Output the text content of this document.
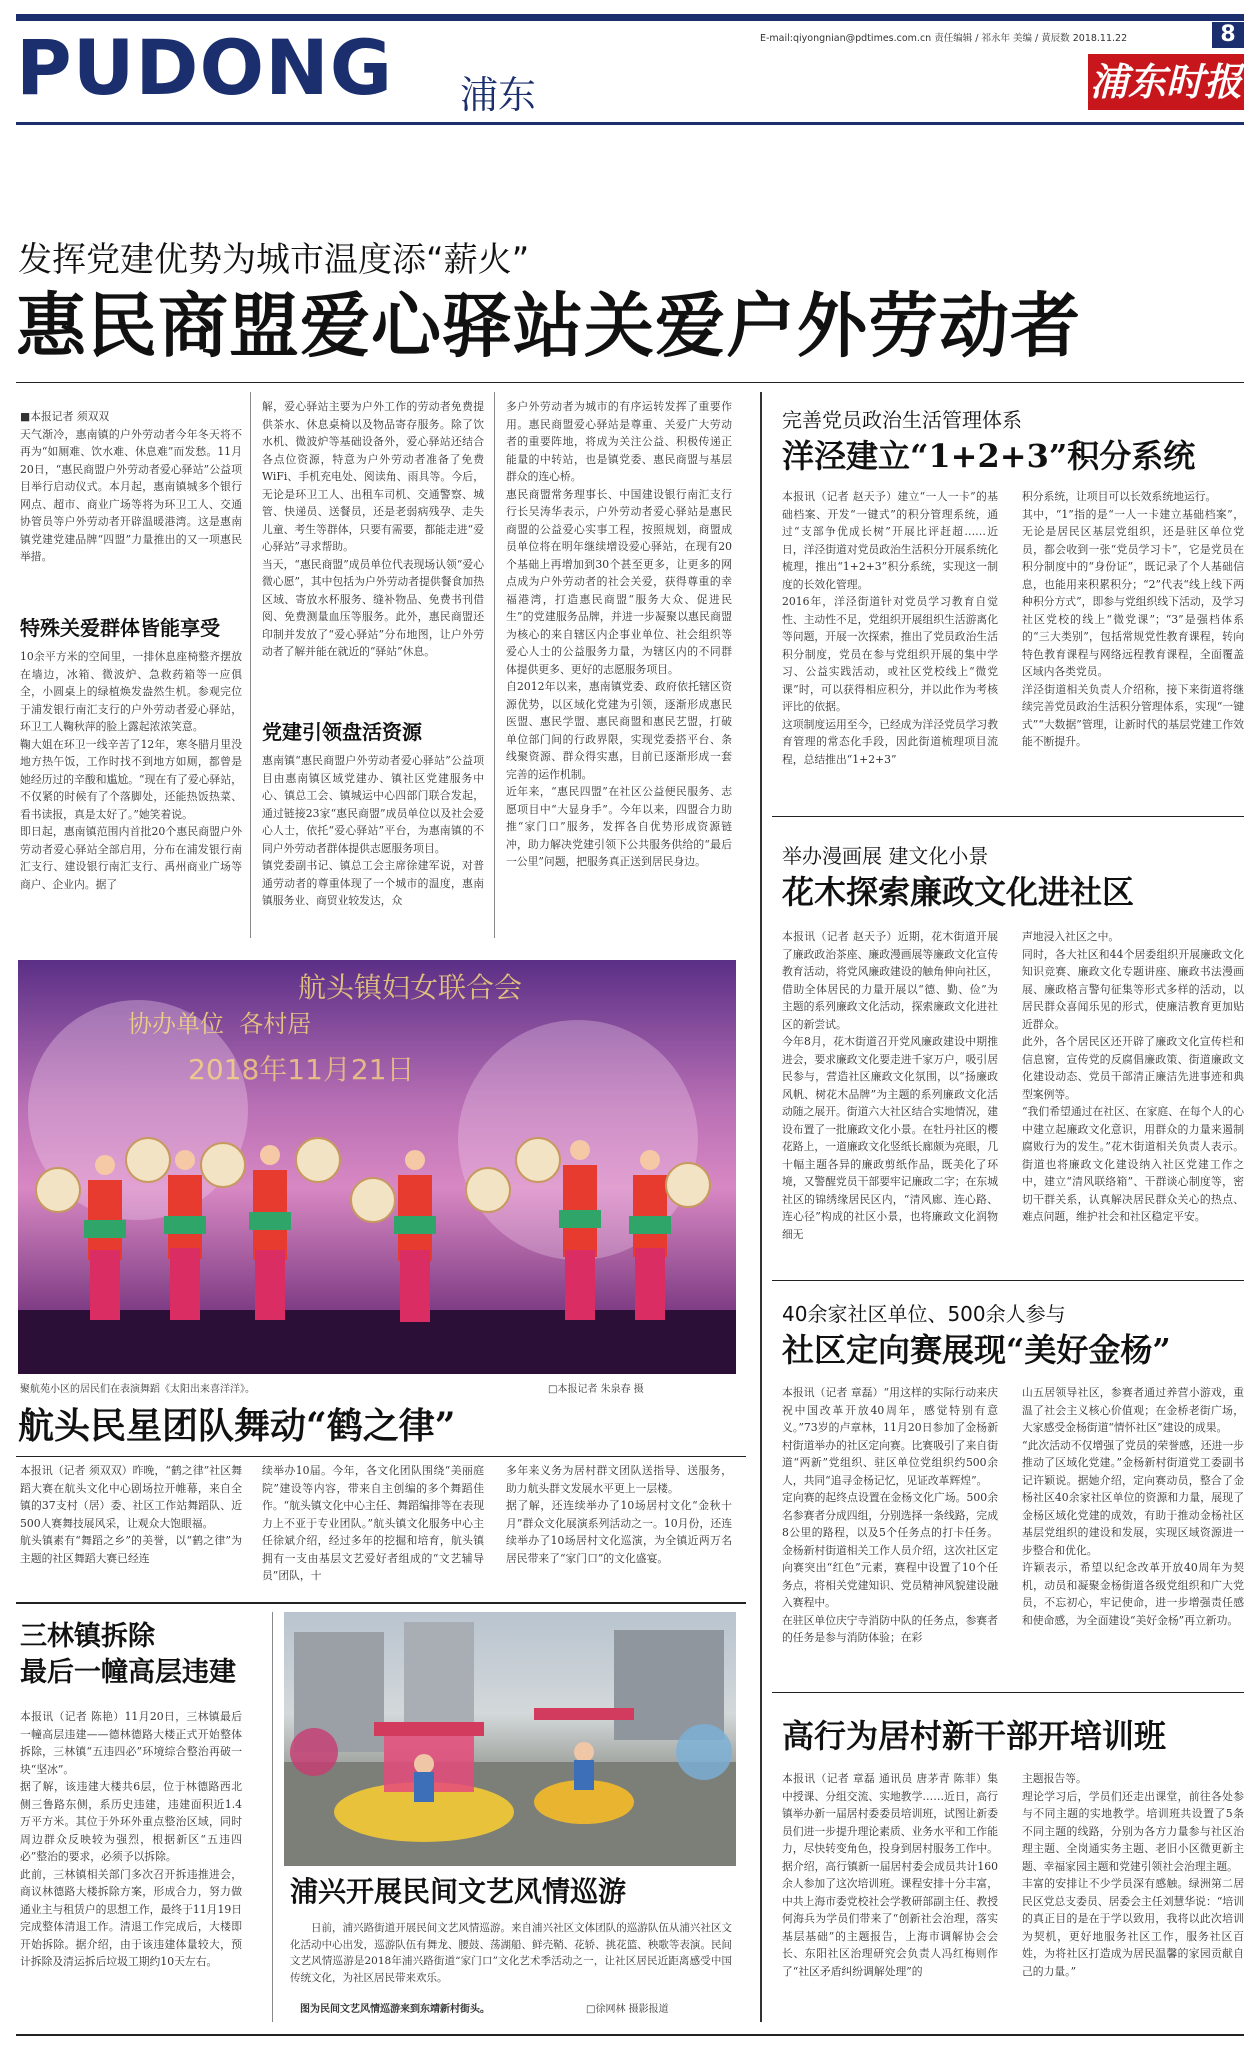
PUDONG 浦东
E-mail:qiyongnian@pdtimes.com.cn 责任编辑 / 祁永年 美编 / 黄辰数 2018.11.22	8
浦东时报
发挥党建优势为城市温度添“薪火”
惠民商盟爱心驿站关爱户外劳动者
■本报记者 须双双
天气渐冷，惠南镇的户外劳动者今年冬天将不再为“如厕难、饮水难、休息难”而发愁。11月20日，“惠民商盟户外劳动者爱心驿站”公益项目举行启动仪式。本月起，惠南镇城多个银行网点、超市、商业广场等将为环卫工人、交通协管员等户外劳动者开辟温暖港湾。这是惠南镇党建党建品牌“四盟”力量推出的又一项惠民举措。
特殊关爱群体皆能享受
10余平方米的空间里，一排休息座椅整齐摆放在墙边，冰箱、微波炉、急救药箱等一应俱全，小圆桌上的绿植焕发盎然生机。参观完位于浦发银行南汇支行的户外劳动者爱心驿站，环卫工人鞠秋萍的脸上露起浓浓笑意。
鞠大姐在环卫一线辛苦了12年，寒冬腊月里没地方热午饭，工作时找不到地方如厕，都曾是她经历过的辛酸和尴尬。“现在有了爱心驿站，不仅紧的时候有了个落脚处，还能热饭热菜、看书读报，真是太好了。”她笑着说。
即日起，惠南镇范围内首批20个惠民商盟户外劳动者爱心驿站全部启用，分布在浦发银行南汇支行、建设银行南汇支行、禹州商业广场等商户、企业内。据了
解，爱心驿站主要为户外工作的劳动者免费提供茶水、休息桌椅以及物品寄存服务。除了饮水机、微波炉等基础设备外，爱心驿站还结合各点位资源，特意为户外劳动者准备了免费WiFi、手机充电处、阅读角、雨具等。今后，无论是环卫工人、出租车司机、交通警察、城管、快递员、送餐员，还是老弱病残孕、走失儿童、考生等群体，只要有需要，都能走进“爱心驿站”寻求帮助。
当天，“惠民商盟”成员单位代表现场认领“爱心微心愿”，其中包括为户外劳动者提供餐食加热区域、寄放水杯服务、缝补物品、免费书刊借阅、免费测量血压等服务。此外，惠民商盟还印制并发放了“爱心驿站”分布地图，让户外劳动者了解并能在就近的“驿站”休息。
党建引领盘活资源
惠南镇“惠民商盟户外劳动者爱心驿站”公益项目由惠南镇区域党建办、镇社区党建服务中心、镇总工会、镇城运中心四部门联合发起，通过链接23家“惠民商盟”成员单位以及社会爱心人士，依托“爱心驿站”平台，为惠南镇的不同户外劳动者群体提供志愿服务项目。
镇党委副书记、镇总工会主席徐建军说，对普通劳动者的尊重体现了一个城市的温度，惠南镇服务业、商贸业较发达，众
多户外劳动者为城市的有序运转发挥了重要作用。惠民商盟爱心驿站是尊重、关爱广大劳动者的重要阵地，将成为关注公益、积极传递正能量的中转站，也是镇党委、惠民商盟与基层群众的连心桥。
惠民商盟常务理事长、中国建设银行南汇支行行长吴涛华表示，户外劳动者爱心驿站是惠民商盟的公益爱心实事工程，按照规划，商盟成员单位将在明年继续增设爱心驿站，在现有20个基础上再增加到30个甚至更多，让更多的网点成为户外劳动者的社会关爱，获得尊重的幸福港湾，打造惠民商盟“服务大众、促进民生”的党建服务品牌，并进一步凝聚以惠民商盟为核心的来自辖区内企事业单位、社会组织等爱心人士的公益服务力量，为辖区内的不同群体提供更多、更好的志愿服务项目。
自2012年以来，惠南镇党委、政府依托辖区资源优势，以区域化党建为引领，逐渐形成惠民医盟、惠民学盟、惠民商盟和惠民艺盟，打破单位部门间的行政界限，实现党委搭平台、条线聚资源、群众得实惠，目前已逐渐形成一套完善的运作机制。
近年来，“惠民四盟”在社区公益便民服务、志愿项目中“大显身手”。今年以来，四盟合力助推“家门口”服务，发挥各自优势形成资源链冲，助力解决党建引领下公共服务供给的“最后一公里”问题，把服务真正送到居民身边。
航头镇妇女联合会
协办单位  各村居
2018年11月21日
聚航苑小区的居民们在表演舞蹈《太阳出来喜洋洋》。	□本报记者 朱泉春 摄
航头民星团队舞动“鹤之律”
本报讯（记者 须双双）昨晚，“鹤之律”社区舞蹈大赛在航头文化中心剧场拉开帷幕，来自全镇的37支村（居）委、社区工作站舞蹈队、近500人赛舞技展风采，让观众大饱眼福。
航头镇素有“舞蹈之乡”的美誉，以“鹤之律”为主题的社区舞蹈大赛已经连
续举办10届。今年，各文化团队围绕“美丽庭院”建设等内容，带来自主创编的多个舞蹈佳作。“航头镇文化中心主任、舞蹈编排等在表现力上不亚于专业团队。”航头镇文化服务中心主任徐斌介绍，经过多年的挖掘和培育，航头镇拥有一支由基层文艺爱好者组成的“文艺辅导员”团队，十
多年来义务为居村群文团队送指导、送服务，助力航头群文发展水平更上一层楼。
据了解，还连续举办了10场居村文化“金秋十月”群众文化展演系列活动之一。10月份，还连续举办了10场居村文化巡演，为全镇近两万名居民带来了“家门口”的文化盛宴。
三林镇拆除
最后一幢高层违建
本报讯（记者 陈艳）11月20日，三林镇最后一幢高层违建——德林德路大楼正式开始整体拆除，三林镇“五违四必”环境综合整治再破一块“坚冰”。
据了解，该违建大楼共6层，位于林德路西北侧三鲁路东侧，系历史违建，违建面积近1.4万平方米。其位于外环外重点整治区域，同时周边群众反映较为强烈，根据新区“五违四必”整治的要求，必须予以拆除。
此前，三林镇相关部门多次召开拆违推进会，商议林德路大楼拆除方案，形成合力，努力做通业主与租赁户的思想工作，最终于11月19日完成整体清退工作。清退工作完成后，大楼即开始拆除。据介绍，由于该违建体量较大，预计拆除及清运拆后垃圾工期约10天左右。
浦兴开展民间文艺风情巡游
日前，浦兴路街道开展民间文艺风情巡游。来自浦兴社区文体团队的巡游队伍从浦兴社区文化活动中心出发，巡游队伍有舞龙、腰鼓、荡湖船、鲜壳鞘、花轿、挑花篮、秧歌等表演。民间文艺风情巡游是2018年浦兴路街道“家门口”文化艺术季活动之一，让社区居民近距离感受中国传统文化，为社区居民带来欢乐。
图为民间文艺风情巡游来到东靖新村街头。	□徐网林 摄影报道
完善党员政治生活管理体系
洋泾建立“1+2+3”积分系统
本报讯（记者 赵天予）建立“一人一卡”的基础档案、开发“一键式”的积分管理系统，通过“支部争优成长树”开展比评赶超……近日，洋泾街道对党员政治生活积分开展系统化梳理，推出“1+2+3”积分系统，实现这一制度的长效化管理。
2016年，洋泾街道针对党员学习教育自觉性、主动性不足，党组织开展组织生活游离化等问题，开展一次探索，推出了党员政治生活积分制度，党员在参与党组织开展的集中学习、公益实践活动，或社区党校线上“微党课”时，可以获得相应积分，并以此作为考核评比的依据。
这项制度运用至今，已经成为洋泾党员学习教育管理的常态化手段，因此街道梳理项目流程，总结推出“1+2+3”
积分系统，让项目可以长效系统地运行。
其中，“1”指的是“一人一卡建立基础档案”，无论是居民区基层党组织，还是驻区单位党员，都会收到一张“党员学习卡”，它是党员在积分制度中的“身份证”，既记录了个人基础信息，也能用来积累积分；“2”代表“线上线下两种积分方式”，即参与党组织线下活动，及学习社区党校的线上“微党课”；“3”是强档体系的“三大类别”，包括常规党性教育课程，转向特色教育课程与网络远程教育课程，全面覆盖区域内各类党员。
洋泾街道相关负责人介绍称，接下来街道将继续完善党员政治生活积分管理体系，实现“一键式”“大数据”管理，让新时代的基层党建工作效能不断提升。
举办漫画展 建文化小景
花木探索廉政文化进社区
本报讯（记者 赵天予）近期，花木街道开展了廉政政治茶座、廉政漫画展等廉政文化宣传教育活动，将党风廉政建设的触角伸向社区，借助全体居民的力量开展以“德、勤、俭”为主题的系列廉政文化活动，探索廉政文化进社区的新尝试。
今年8月，花木街道召开党风廉政建设中期推进会，要求廉政文化要走进千家万户，吸引居民参与，营造社区廉政文化氛围，以“扬廉政风帆、树花木品牌”为主题的系列廉政文化活动随之展开。街道六大社区结合实地情况，建设布置了一批廉政文化小景。在牡丹社区的樱花路上，一道廉政文化竖纸长廊颇为亮眼，几十幅主题各异的廉政剪纸作品，既美化了环境，又警醒党员干部要牢记廉政二字；在东城社区的锦绣缘居民区内，“清风廊、连心路、连心径”构成的社区小景，也将廉政文化润物细无
声地浸入社区之中。
同时，各大社区和44个居委组织开展廉政文化知识竞赛、廉政文化专题讲座、廉政书法漫画展、廉政格言警句征集等形式多样的活动，以居民群众喜闻乐见的形式，使廉洁教育更加贴近群众。
此外，各个居民区还开辟了廉政文化宣传栏和信息窗，宣传党的反腐倡廉政策、街道廉政文化建设动态、党员干部清正廉洁先进事迹和典型案例等。
“我们希望通过在社区、在家庭、在每个人的心中建立起廉政文化意识，用群众的力量来遏制腐败行为的发生。”花木街道相关负责人表示。街道也将廉政文化建设纳入社区党建工作之中，建立“清风联络箱”、干群谈心制度等，密切干群关系，认真解决居民群众关心的热点、难点问题，维护社会和社区稳定平安。
40余家社区单位、500余人参与
社区定向赛展现“美好金杨”
本报讯（记者 章磊）“用这样的实际行动来庆祝中国改革开放40周年，感觉特别有意义。”73岁的卢章林，11月20日参加了金杨新村街道举办的社区定向赛。比赛吸引了来自街道“两新”党组织、驻区单位党组织约500余人，共同“追寻金杨记忆，见证改革辉煌”。
定向赛的起终点设置在金杨文化广场。500余名参赛者分成四组，分别选择一条线路，完成8公里的路程，以及5个任务点的打卡任务。金杨新村街道相关工作人员介绍，这次社区定向赛突出“红色”元素，赛程中设置了10个任务点，将相关党建知识、党员精神风貌建设融入赛程中。
在驻区单位庆宁寺消防中队的任务点，参赛者的任务是参与消防体验；在彩
山五居领导社区，参赛者通过养营小游戏，重温了社会主义核心价值观；在金桥老街广场，大家感受金杨街道“情怀社区”建设的成果。
“此次活动不仅增强了党员的荣誉感，还进一步推动了区域化党建。”金杨新村街道党工委副书记许颖说。据她介绍，定向赛动员，整合了金杨社区40余家社区单位的资源和力量，展现了金杨区域化党建的成效，有助于推动金杨社区基层党组织的建设和发展，实现区域资源进一步整合和优化。
许颖表示，希望以纪念改革开放40周年为契机，动员和凝聚金杨街道各级党组织和广大党员，不忘初心，牢记使命，进一步增强责任感和使命感，为全面建设“美好金杨”再立新功。
高行为居村新干部开培训班
本报讯（记者 章磊 通讯员 唐茅青 陈菲）集中授课、分组交流、实地教学……近日，高行镇举办新一届居村委委员培训班，试图让新委员们进一步提升理论素质、业务水平和工作能力，尽快转变角色，投身到居村服务工作中。
据介绍，高行镇新一届居村委会成员共计160余人参加了这次培训班。课程安排十分丰富，中共上海市委党校社会学教研部副主任、教授何海兵为学员们带来了“创新社会治理，落实基层基础”的主题报告，上海市调解协会会长、东阳社区治理研究会负责人冯红梅则作了“社区矛盾纠纷调解处理”的
主题报告等。
理论学习后，学员们还走出课堂，前往各处参与不同主题的实地教学。培训班共设置了5条不同主题的线路，分别为各方力量参与社区治理主题、全岗通实务主题、老旧小区微更新主题、幸福家园主题和党建引领社会治理主题。
丰富的安排让不少学员深有感触。绿洲第二居民区党总支委员、居委会主任刘慧华说：“培训的真正目的是在于学以致用，我将以此次培训为契机，更好地服务社区工作，服务社区百姓，为将社区打造成为居民温馨的家园贡献自己的力量。”
